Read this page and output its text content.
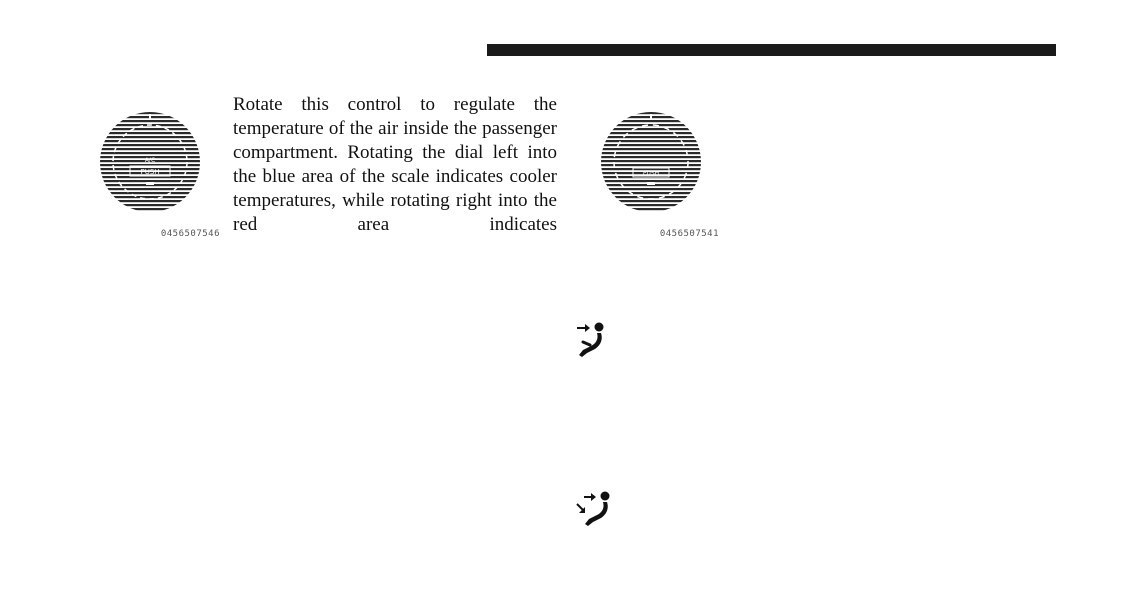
PUSH
A/C
0456507546

Rotate this control to regulate the temperature of the air inside the passenger compartment. Rotating the dial left into the blue area of the scale indicates cooler temperatures, while rotating right into the red area indicates

PUSH
0456507541
